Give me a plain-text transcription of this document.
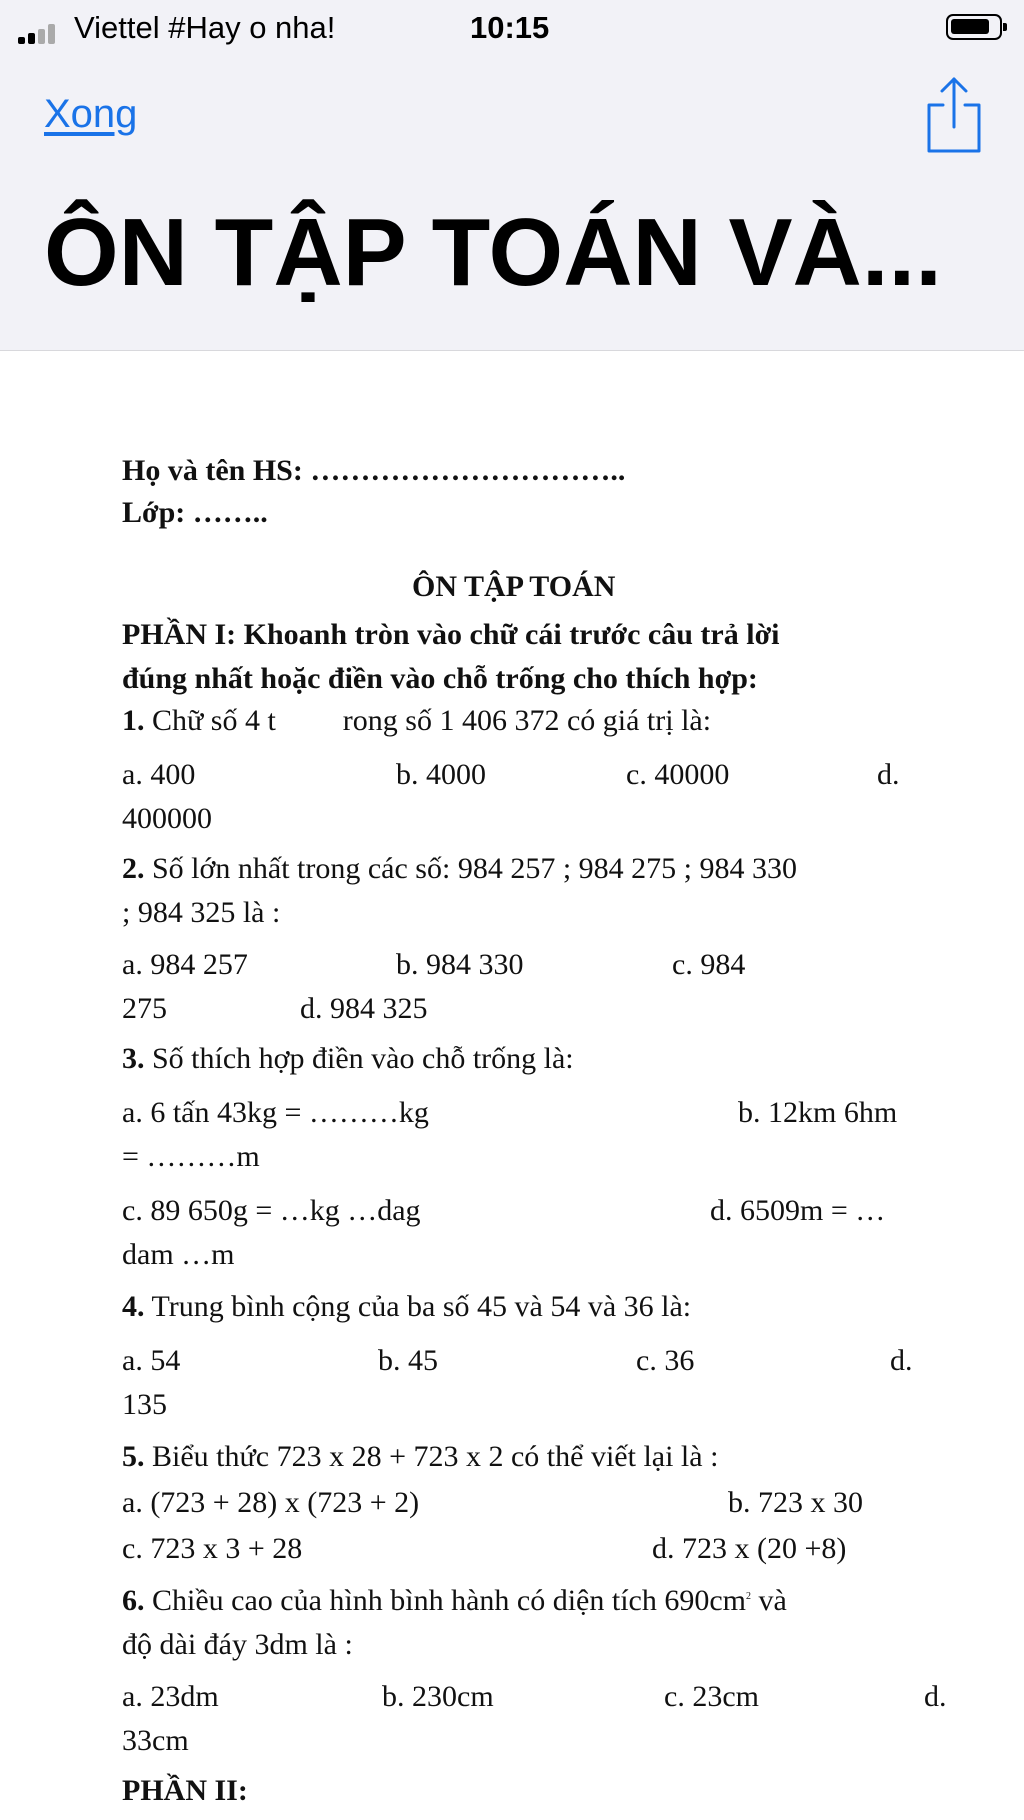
Viettel #Hay o nha!	10:15
Xong
ÔN TẬP TOÁN VÀ...
Họ và tên HS: …………………………..
Lớp: ……..
ÔN TẬP TOÁN
PHẦN I: Khoanh tròn vào chữ cái trước câu trả lời
đúng nhất hoặc điền vào chỗ trống cho thích hợp:
1. Chữ số 4 t rong số 1 406 372 có giá trị là:
a. 400	b. 4000	c. 40000	d.
400000
2. Số lớn nhất trong các số: 984 257 ; 984 275 ; 984 330
; 984 325 là :
a. 984 257	b. 984 330	c. 984
275	d. 984 325
3. Số thích hợp điền vào chỗ trống là:
a. 6 tấn 43kg = ………kg	b. 12km 6hm
= ………m
c. 89 650g = …kg …dag	d. 6509m = …
dam …m
4. Trung bình cộng của ba số 45 và 54 và 36 là:
a. 54	b. 45	c. 36	d.
135
5. Biểu thức 723 x 28 + 723 x 2 có thể viết lại là :
a. (723 + 28) x (723 + 2)	b. 723 x 30
c. 723 x 3 + 28	d. 723 x (20 +8)
6. Chiều cao của hình bình hành có diện tích $690cm^2$ và
độ dài đáy 3dm là :
a. 23dm	b. 230cm	c. 23cm	d.
33cm
PHẦN II:
